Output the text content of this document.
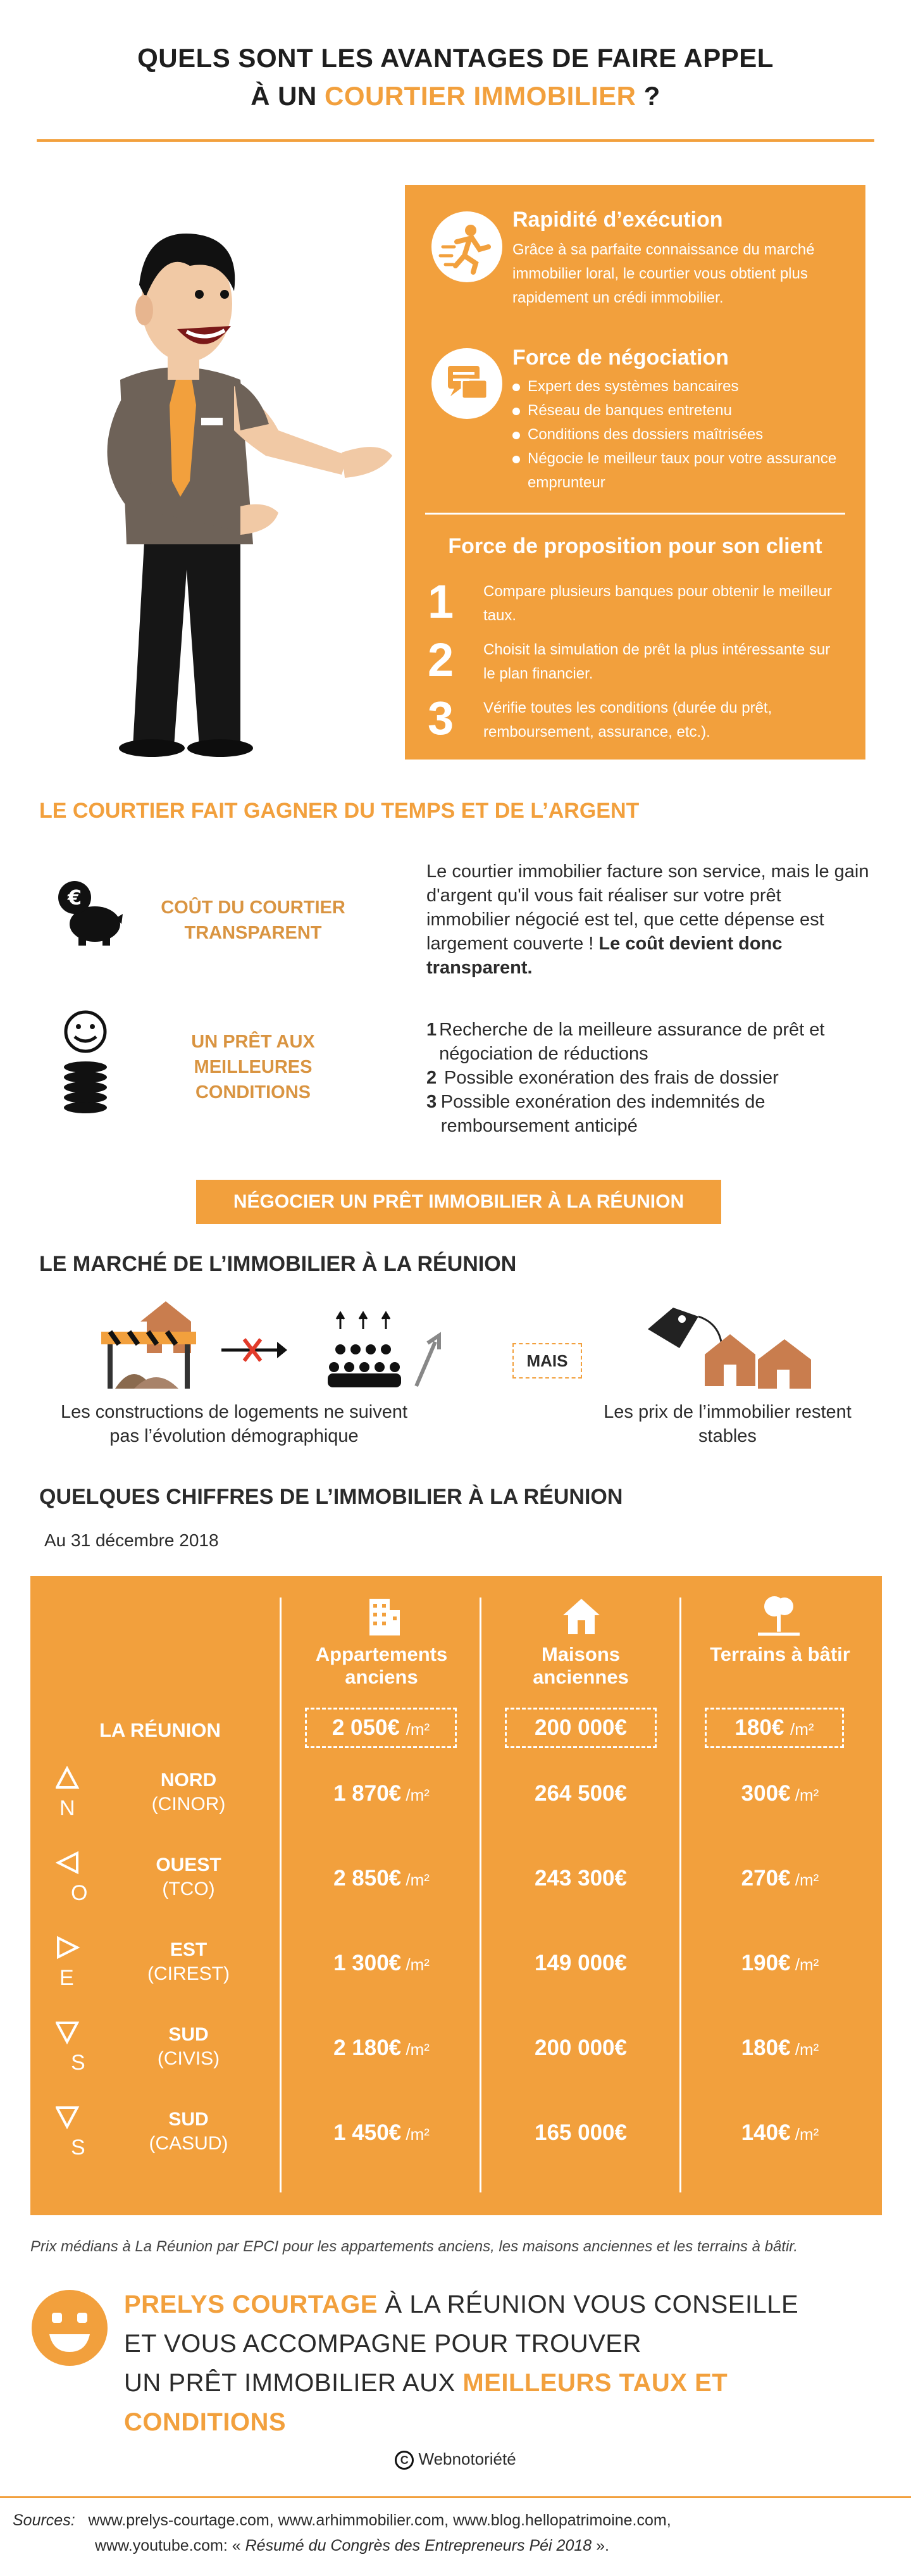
QUELS SONT LES AVANTAGES DE FAIRE APPEL
À UN COURTIER IMMOBILIER ?
Rapidité d’exécution
Grâce à sa parfaite connaissance du marché immobilier loral, le courtier vous obtient plus rapidement un crédi immobilier.
Force de négociation
Expert des systèmes bancaires
Réseau de banques entretenu
Conditions des dossiers maîtrisées
Négocie le meilleur taux pour votre assurance emprunteur
Force de proposition pour son client
1 Compare plusieurs banques pour obtenir le meilleur taux.
2 Choisit la simulation de prêt la plus intéressante sur le plan financier.
3 Vérifie toutes les conditions (durée du prêt, remboursement, assurance, etc.).
LE COURTIER FAIT GAGNER DU TEMPS ET DE L’ARGENT
€	COÛT DU COURTIER TRANSPARENT
Le courtier immobilier facture son service, mais le gain d'argent qu'il vous fait réaliser sur votre prêt immobilier négocié est tel, que cette dépense est largement couverte ! Le coût devient donc transparent.
UN PRÊT AUX MEILLEURES CONDITIONS
1 Recherche de la meilleure assurance de prêt et négociation de réductions
2 Possible exonération des frais de dossier
3 Possible exonération des indemnités de remboursement anticipé
NÉGOCIER UN PRÊT IMMOBILIER À LA RÉUNION
LE MARCHÉ DE L’IMMOBILIER À LA RÉUNION
Les constructions de logements ne suivent pas l’évolution démographique
MAIS
Les prix de l’immobilier restent stables
QUELQUES CHIFFRES DE L’IMMOBILIER À LA RÉUNION
Au 31 décembre 2018
Appartements anciens
Maisons anciennes
Terrains à bâtir
LA RÉUNION	2 050€ /m²	200 000€	180€ /m²
N
NORD
(CINOR)	1 870€ /m²	264 500€	300€ /m²
O
OUEST
(TCO)	2 850€ /m²	243 300€	270€ /m²
E
EST
(CIREST)	1 300€ /m²	149 000€	190€ /m²
S
SUD
(CIVIS)	2 180€ /m²	200 000€	180€ /m²
S
SUD
(CASUD)	1 450€ /m²	165 000€	140€ /m²
Prix médians à La Réunion par EPCI pour les appartements anciens, les maisons anciennes et les terrains à bâtir.
PRELYS COURTAGE À LA RÉUNION VOUS CONSEILLE
ET VOUS ACCOMPAGNE POUR TROUVER
UN PRÊT IMMOBILIER AUX MEILLEURS TAUX ET CONDITIONS
C Webnotoriété
Sources: www.prelys-courtage.com, www.arhimmobilier.com, www.blog.hellopatrimoine.com,
www.youtube.com: « Résumé du Congrès des Entrepreneurs Péi 2018 ».
